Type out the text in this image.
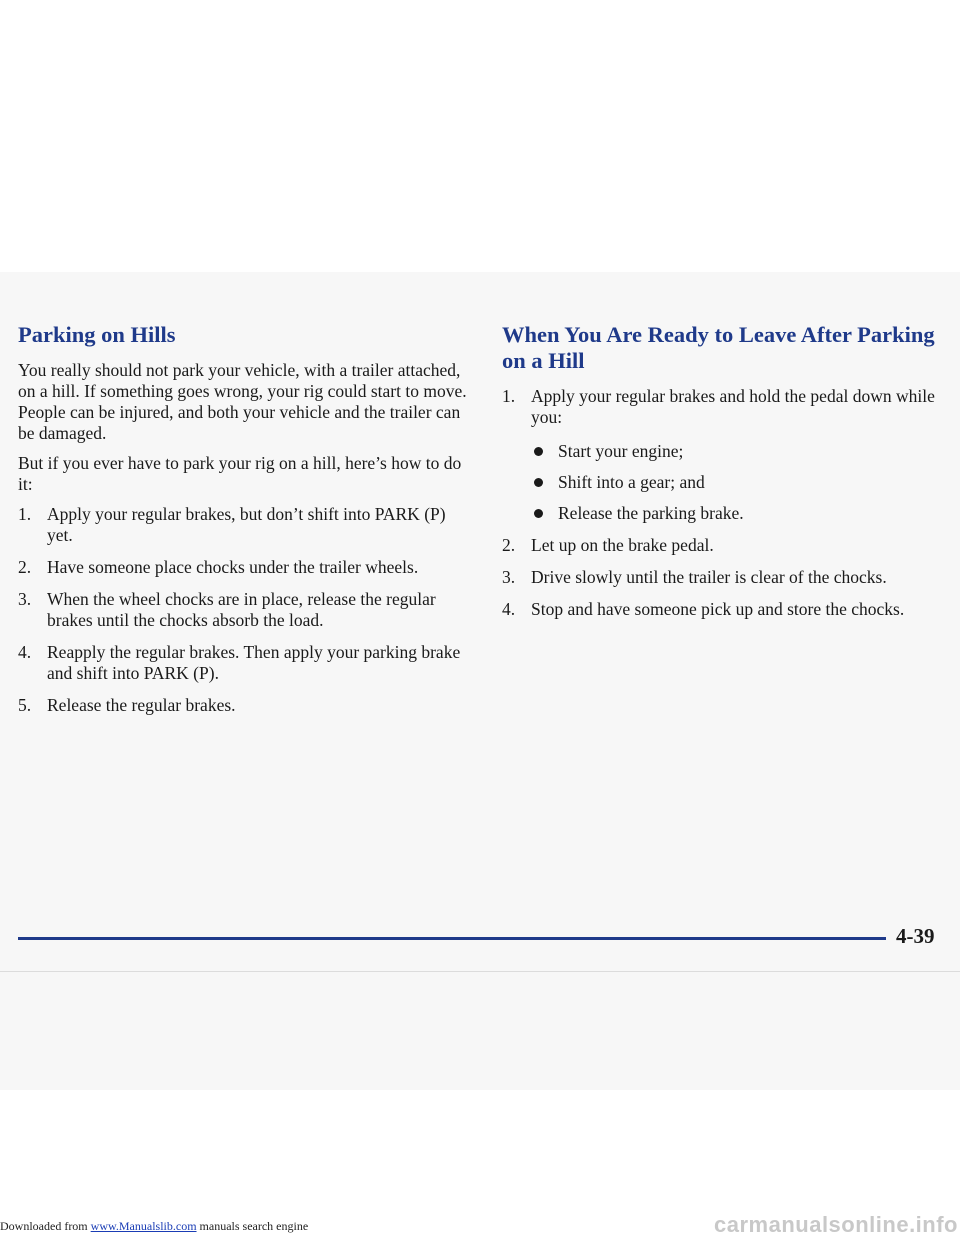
Parking on Hills

You really should not park your vehicle, with a trailer attached, on a hill. If something goes wrong, your rig could start to move. People can be injured, and both your vehicle and the trailer can be damaged.

But if you ever have to park your rig on a hill, here’s how to do it:

1. Apply your regular brakes, but don’t shift into PARK (P) yet.
2. Have someone place chocks under the trailer wheels.
3. When the wheel chocks are in place, release the regular brakes until the chocks absorb the load.
4. Reapply the regular brakes. Then apply your parking brake and shift into PARK (P).
5. Release the regular brakes.
When You Are Ready to Leave After Parking on a Hill
1. Apply your regular brakes and hold the pedal down while you:
Start your engine;
Shift into a gear; and
Release the parking brake.
2. Let up on the brake pedal.
3. Drive slowly until the trailer is clear of the chocks.
4. Stop and have someone pick up and store the chocks.
4-39
Downloaded from www.Manualslib.com manuals search engine	carmanualsonline.info
